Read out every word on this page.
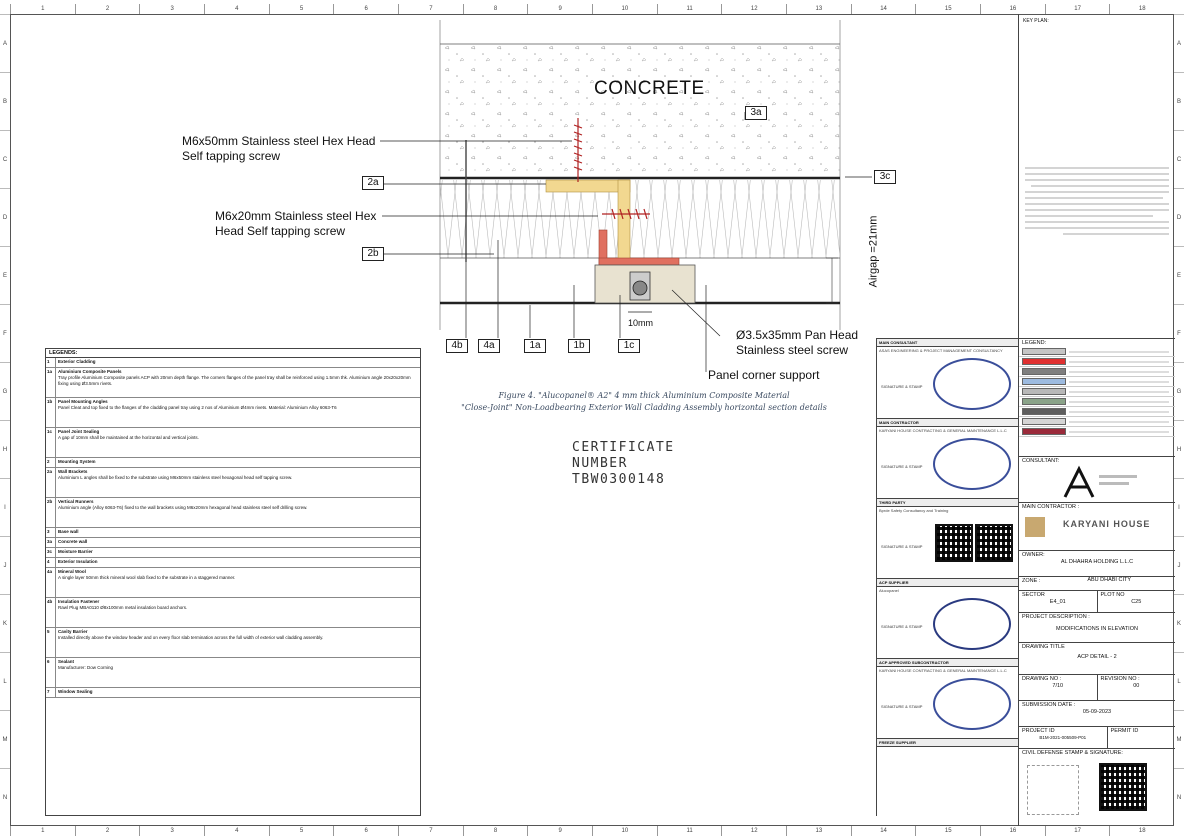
1	2	3	4	5	6	7	8	9	10	11	12	13	14	15	16	17	18
1	2	3	4	5	6	7	8	9	10	11	12	13	14	15	16	17	18
A
B
C
D
E
F
G
H
I
J
K
L
M
N
A
B
C
D
E
F
G
H
I
J
K
L
M
N
CONCRETE
M6x50mm Stainless steel Hex Head
Self tapping screw
M6x20mm Stainless steel Hex
Head Self tapping screw
Ø3.5x35mm Pan Head
Stainless steel screw
Panel corner support
Airgap =21mm
10mm
3a
2a
3c
2b
4b	4a	1a	1b	1c
Figure 4. "Alucopanel® A2" 4 mm thick Aluminium Composite Material
"Close-Joint" Non-Loadbearing Exterior Wall Cladding Assembly horizontal section details
CERTIFICATE
NUMBER
TBW0300148
LEGENDS:
1	Exterior Cladding
1a	Aluminium Composite Panels
Tray profile Aluminium Composite panels ACP with 20mm depth flange. The corners flanges of the panel tray shall be reinforced using 1.5mm thk. Aluminium angle 20x20x20mm fixing using Ø3.5mm rivets.
1b	Panel Mounting Angles
Panel Cleat and top fixed to the flanges of the cladding panel tray using 2 nos of Aluminium Ø4mm rivets. Material: Aluminium Alloy 6063-T6
1c	Panel Joint Sealing
A gap of 10mm shall be maintained at the horizontal and vertical joints.
2	Mounting System
2a	Wall Brackets
Aluminium L angles shall be fixed to the substrate using M6x50mm stainless steel hexagonal head self tapping screw.
2b	Vertical Runners
Aluminium angle (Alloy 6063-T6) fixed to the wall brackets using M6x20mm hexagonal head stainless steel self drilling screw.
3	Base wall
3a	Concrete wall
3c	Moisture Barrier
4	Exterior Insulation
4a	Mineral Wool
A single layer 50mm thick mineral wool slab fixed to the substrate in a staggered manner.
4b	Insulation Fastener
Rawl Plug MBA0110 Ø8x100mm metal insulation board anchors.
5	Cavity Barrier
Installed directly above the window header and on every floor slab termination across the full width of exterior wall cladding assembly.
6	Sealant
Manufacturer: Dow Corning
7	Window Sealing
MAIN CONSULTANT
ASAS ENGINEERING & PROJECT MANAGEMENT CONSULTANCY
SIGNATURE & STAMP
MAIN CONTRACTOR
KARYANI HOUSE CONTRACTING & GENERAL MAINTENANCE L.L.C
SIGNATURE & STAMP
THIRD PARTY
Bprde Safety Consultancy and Training
SIGNATURE & STAMP
ACP SUPPLIER
Alucopanel
SIGNATURE & STAMP
ACP APPROVED SUBCONTRACTOR
KARYANI HOUSE CONTRACTING & GENERAL MAINTENANCE L.L.C
SIGNATURE & STAMP
FREEZE SUPPLIER
KEY PLAN:
LEGEND:
CONSULTANT:
MAIN CONTRACTOR :
KARYANI HOUSE
OWNER:
AL DHAHRA HOLDING L.L.C
ZONE :	ABU DHABI CITY
SECTOR
E4_01
PLOT NO
C25
PROJECT DESCRIPTION :
MODIFICATIONS IN ELEVATION
DRAWING TITLE
ACP DETAIL - 2
DRAWING NO :
7/10
REVISION NO :
00
SUBMISSION DATE :
05-09-2023
PROJECT ID
B1M-2021-005509-P01
PERMIT ID
CIVIL DEFENSE STAMP & SIGNATURE:
